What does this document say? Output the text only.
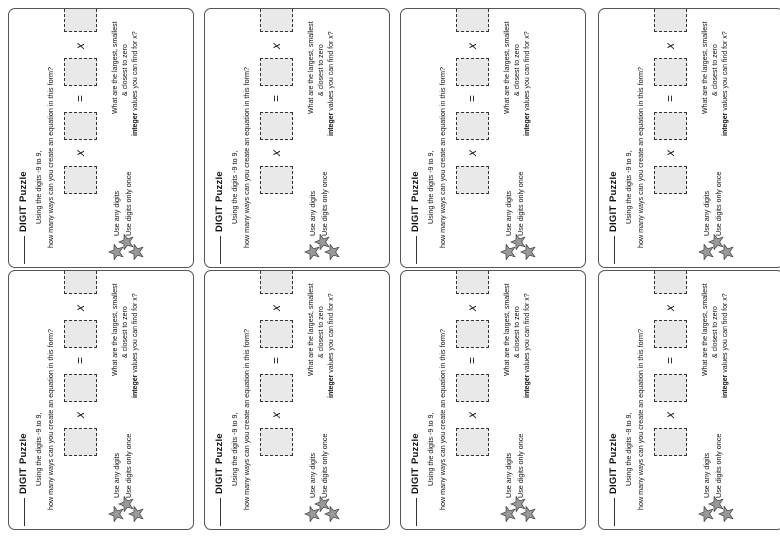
DIGIT
Puzzle Using the digits -9 to 9, how many ways can you create an equation in this form? x
=
x
Use any digits Use digits only once
What are the largest, smallest & closest to zero
integer values you can find for x?
DIGIT
Puzzle Using the digits -9 to 9, how many ways can you create an equation in this form? x
=
x
Use any digits Use digits only once
What are the largest, smallest & closest to zero
integer values you can find for x?
DIGIT
Puzzle Using the digits -9 to 9, how many ways can you create an equation in this form? x
=
x
Use any digits Use digits only once
What are the largest, smallest & closest to zero
integer values you can find for x?
DIGIT
Puzzle Using the digits -9 to 9, how many ways can you create an equation in this form? x
=
x
Use any digits Use digits only once
What are the largest, smallest & closest to zero
integer values you can find for x?
DIGIT
Puzzle Using the digits -9 to 9, how many ways can you create an equation in this form? x
=
x
Use any digits Use digits only once
What are the largest, smallest & closest to zero
integer values you can find for x?
DIGIT
Puzzle Using the digits -9 to 9, how many ways can you create an equation in this form? x
=
x
Use any digits Use digits only once
What are the largest, smallest & closest to zero
integer values you can find for x?
DIGIT
Puzzle Using the digits -9 to 9, how many ways can you create an equation in this form? x
=
x
Use any digits Use digits only once
What are the largest, smallest & closest to zero
integer values you can find for x?
DIGIT
Puzzle Using the digits -9 to 9, how many ways can you create an equation in this form? x
=
x
Use any digits Use digits only once
What are the largest, smallest & closest to zero
integer values you can find for x?
